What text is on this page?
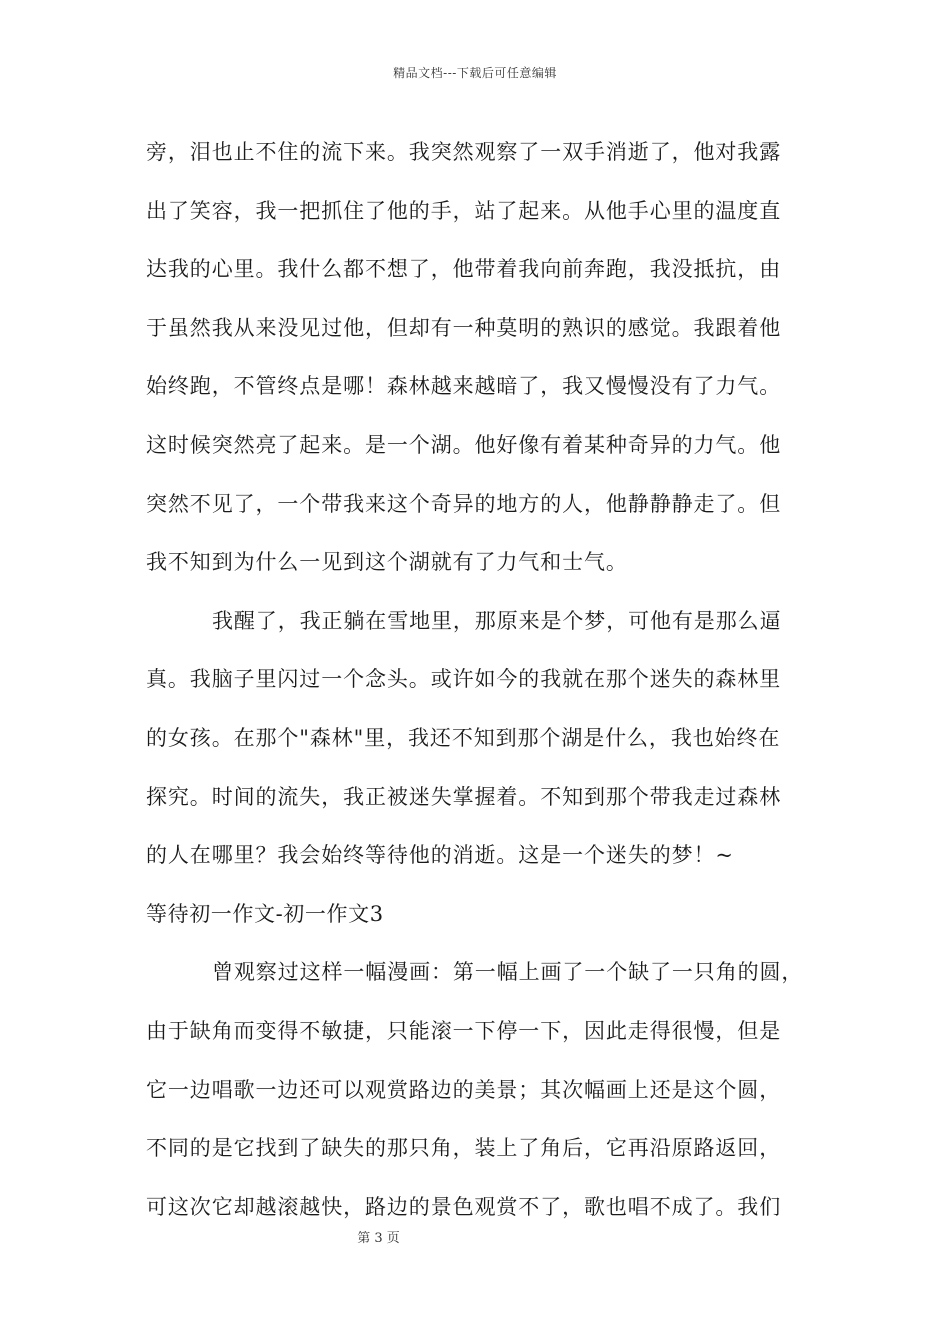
精品文档---下载后可任意编辑
旁，泪也止不住的流下来。我突然观察了一双手消逝了，他对我露
出了笑容，我一把抓住了他的手，站了起来。从他手心里的温度直
达我的心里。我什么都不想了，他带着我向前奔跑，我没抵抗，由
于虽然我从来没见过他，但却有一种莫明的熟识的感觉。我跟着他
始终跑，不管终点是哪！森林越来越暗了，我又慢慢没有了力气。
这时候突然亮了起来。是一个湖。他好像有着某种奇异的力气。他
突然不见了，一个带我来这个奇异的地方的人，他静静静走了。但
我不知到为什么一见到这个湖就有了力气和士气。
我醒了，我正躺在雪地里，那原来是个梦，可他有是那么逼
真。我脑子里闪过一个念头。或许如今的我就在那个迷失的森林里
的女孩。在那个"森林"里，我还不知到那个湖是什么，我也始终在
探究。时间的流失，我正被迷失掌握着。不知到那个带我走过森林
的人在哪里？我会始终等待他的消逝。这是一个迷失的梦！~
等待初一作文-初一作文3
曾观察过这样一幅漫画：第一幅上画了一个缺了一只角的圆，
由于缺角而变得不敏捷，只能滚一下停一下，因此走得很慢，但是
它一边唱歌一边还可以观赏路边的美景；其次幅画上还是这个圆，
不同的是它找到了缺失的那只角，装上了角后，它再沿原路返回，
可这次它却越滚越快，路边的景色观赏不了，歌也唱不成了。我们
第 3 页
